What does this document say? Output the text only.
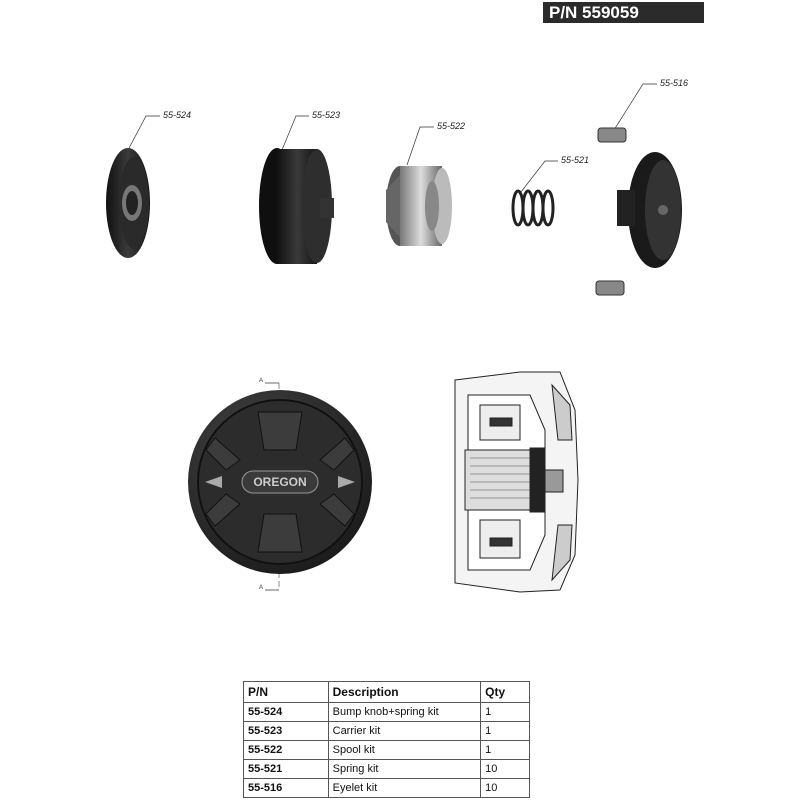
P/N 559059
55-524	55-523
55-522
55-521
55-516
A
A
OREGON
P/N	Description	Qty
55-524	Bump knob+spring kit	1
55-523	Carrier kit	1
55-522	Spool kit	1
55-521	Spring kit	10
55-516	Eyelet kit	10
